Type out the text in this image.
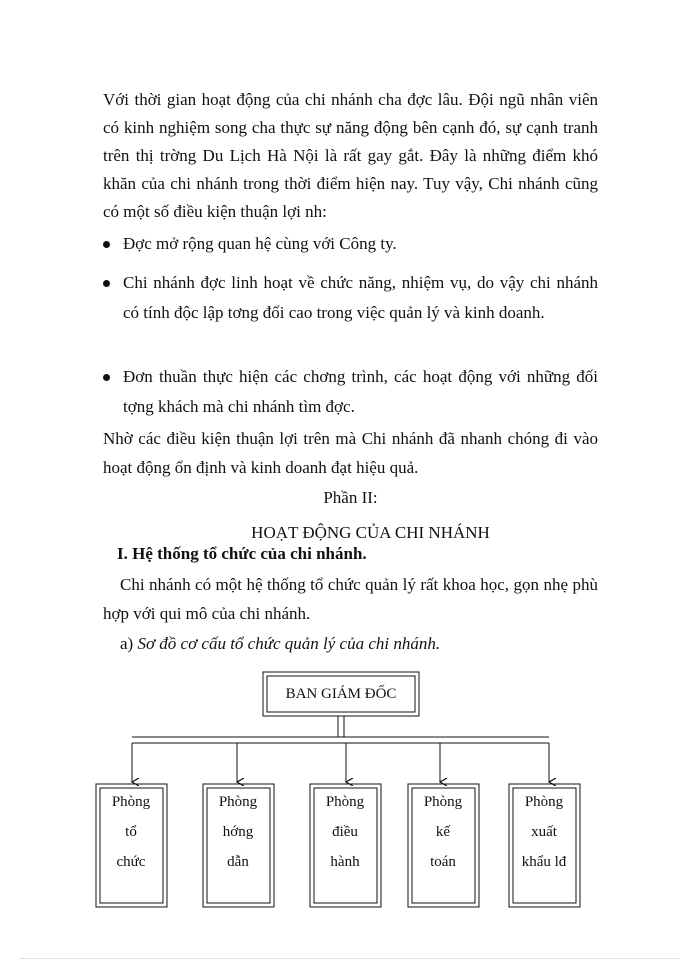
Với thời gian hoạt động của chi nhánh cha đợc lâu. Đội ngũ nhân viên có kinh nghiệm song cha thực sự năng động bên cạnh đó, sự cạnh tranh trên thị trờng Du Lịch Hà Nội là rất gay gắt. Đây là những điểm khó khăn của chi nhánh trong thời điểm hiện nay. Tuy vậy, Chi nhánh cũng có một số điều kiện thuận lợi nh:

Đợc mở rộng quan hệ cùng với Công ty.
Chi nhánh đợc linh hoạt về chức năng, nhiệm vụ, do vậy chi nhánh có tính độc lập tơng đối cao trong việc quản lý và kinh doanh.
Đơn thuần thực hiện các chơng trình, các hoạt động với những đối tợng khách mà chi nhánh tìm đợc.

Nhờ các điều kiện thuận lợi trên mà Chi nhánh đã nhanh chóng đi vào hoạt động ổn định và kinh doanh đạt hiệu quả.

Phần II:
HOẠT ĐỘNG CỦA CHI NHÁNH
I. Hệ thống tổ chức của chi nhánh.

Chi nhánh có một hệ thống tổ chức quản lý rất khoa học, gọn nhẹ phù hợp với qui mô của chi nhánh.

a) Sơ đồ cơ cấu tổ chức quản lý của chi nhánh.
BAN GIÁM ĐỐC
Phòng
tổ
chức
Phòng
hớng
dẫn
Phòng
điều
hành
Phòng
kế
toán
Phòng
xuất
khẩu lđ
